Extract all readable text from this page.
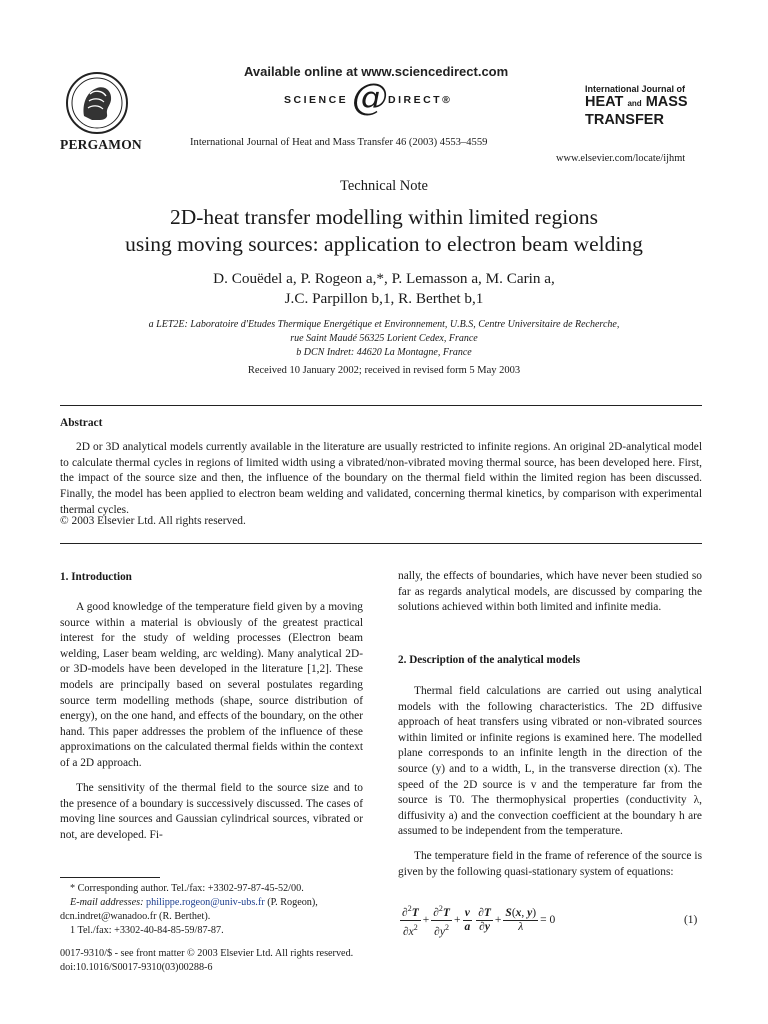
PERGAMON
Available online at www.sciencedirect.com
SCIENCE @ DIRECT®
International Journal of Heat and Mass Transfer 46 (2003) 4553–4559
International Journal of
HEAT and MASS
TRANSFER
www.elsevier.com/locate/ijhmt
Technical Note
2D-heat transfer modelling within limited regions
using moving sources: application to electron beam welding
D. Couëdel a, P. Rogeon a,*, P. Lemasson a, M. Carin a,
J.C. Parpillon b,1, R. Berthet b,1
a LET2E: Laboratoire d'Etudes Thermique Energétique et Environnement, U.B.S, Centre Universitaire de Recherche,
rue Saint Maudé 56325 Lorient Cedex, France
b DCN Indret: 44620 La Montagne, France
Received 10 January 2002; received in revised form 5 May 2003
Abstract
2D or 3D analytical models currently available in the literature are usually restricted to infinite regions. An original 2D-analytical model to calculate thermal cycles in regions of limited width using a vibrated/non-vibrated moving thermal source, has been developed here. First, the impact of the source size and then, the influence of the boundary on the thermal field within the limited region has been discussed. Finally, the model has been applied to electron beam welding and validated, concerning thermal kinetics, by comparison with experimental thermal cycles.
© 2003 Elsevier Ltd. All rights reserved.
1. Introduction
A good knowledge of the temperature field given by a moving source within a material is obviously of the greatest practical interest for the study of welding processes (Electron beam welding, Laser beam welding, arc welding). Many analytical 2D- or 3D-models have been developed in the literature [1,2]. These models are principally based on several postulates regarding source term modelling methods (shape, source distribution of energy), on the one hand, and effects of the boundary, on the other hand. This paper addresses the problem of the influence of these approximations on the calculated thermal fields within the context of a 2D approach.
The sensitivity of the thermal field to the source size and to the presence of a boundary is successively discussed. The cases of moving line sources and Gaussian cylindrical sources, vibrated or not, are developed. Fi-
* Corresponding author. Tel./fax: +3302-97-87-45-52/00.
E-mail addresses: philippe.rogeon@univ-ubs.fr (P. Rogeon),
dcn.indret@wanadoo.fr (R. Berthet).
1 Tel./fax: +3302-40-84-85-59/87-87.
nally, the effects of boundaries, which have never been studied so far as regards analytical models, are discussed by comparing the solutions achieved within both limited and infinite media.
2. Description of the analytical models
Thermal field calculations are carried out using analytical models with the following characteristics. The 2D diffusive approach of heat transfers using vibrated or non-vibrated sources within limited or infinite regions is examined here. The modelled plane corresponds to an infinite length in the direction of the source (y) and to a width, L, in the transverse direction (x). The speed of the 2D source is v and the temperature far from the source is T0. The thermophysical properties (conductivity λ, diffusivity a) and the convection coefficient at the boundary h are assumed to be independent from the temperature.
The temperature field in the frame of reference of the source is given by the following quasi-stationary system of equations:
$\frac{\partial^2T}{\partial x^2} + \frac{\partial^2T}{\partial y^2} + \frac{v}{a} \frac{\partial T}{\partial y} + \frac{S(x, y)}{\lambda} = 0$	(1)
0017-9310/$ - see front matter © 2003 Elsevier Ltd. All rights reserved.
doi:10.1016/S0017-9310(03)00288-6
